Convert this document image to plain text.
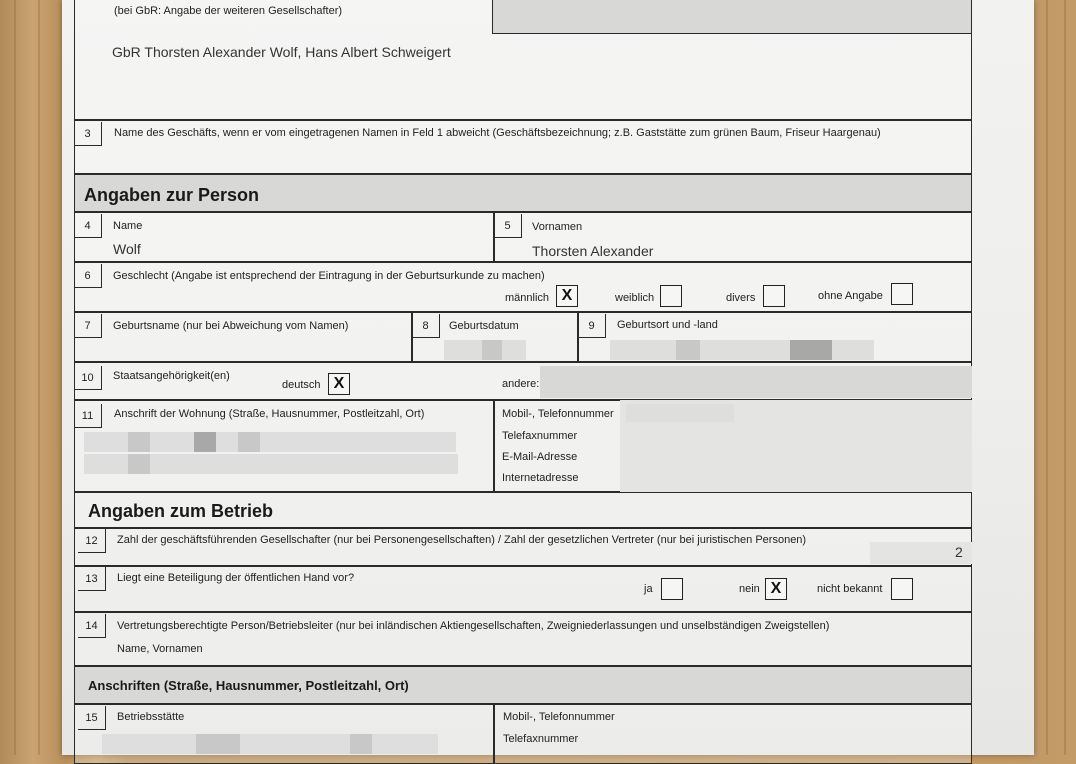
(bei GbR: Angabe der weiteren Gesellschafter)
GbR Thorsten Alexander Wolf, Hans Albert Schweigert
3	Name des Geschäfts, wenn er vom eingetragenen Namen in Feld 1 abweicht (Geschäftsbezeichnung; z.B. Gaststätte zum grünen Baum, Friseur Haargenau)
Angaben zur Person
4	Name
Wolf
5	Vornamen
Thorsten Alexander
6	Geschlecht (Angabe ist entsprechend der Eintragung in der Geburtsurkunde zu machen)
männlich X	weiblich	divers	ohne Angabe
7	Geburtsname (nur bei Abweichung vom Namen)	8	Geburtsdatum	9	Geburtsort und -land
10	Staatsangehörigkeit(en)
deutsch X	andere:
11	Anschrift der Wohnung (Straße, Hausnummer, Postleitzahl, Ort)	Mobil-, Telefonnummer
Telefaxnummer
E-Mail-Adresse
Internetadresse
Angaben zum Betrieb
12	Zahl der geschäftsführenden Gesellschafter (nur bei Personengesellschaften) / Zahl der gesetzlichen Vertreter (nur bei juristischen Personen)
2
13	Liegt eine Beteiligung der öffentlichen Hand vor?
ja	nein X	nicht bekannt
14	Vertretungsberechtigte Person/Betriebsleiter (nur bei inländischen Aktiengesellschaften, Zweigniederlassungen und unselbständigen Zweigstellen)
Name, Vornamen
Anschriften (Straße, Hausnummer, Postleitzahl, Ort)
15	Betriebsstätte	Mobil-, Telefonnummer
Telefaxnummer
